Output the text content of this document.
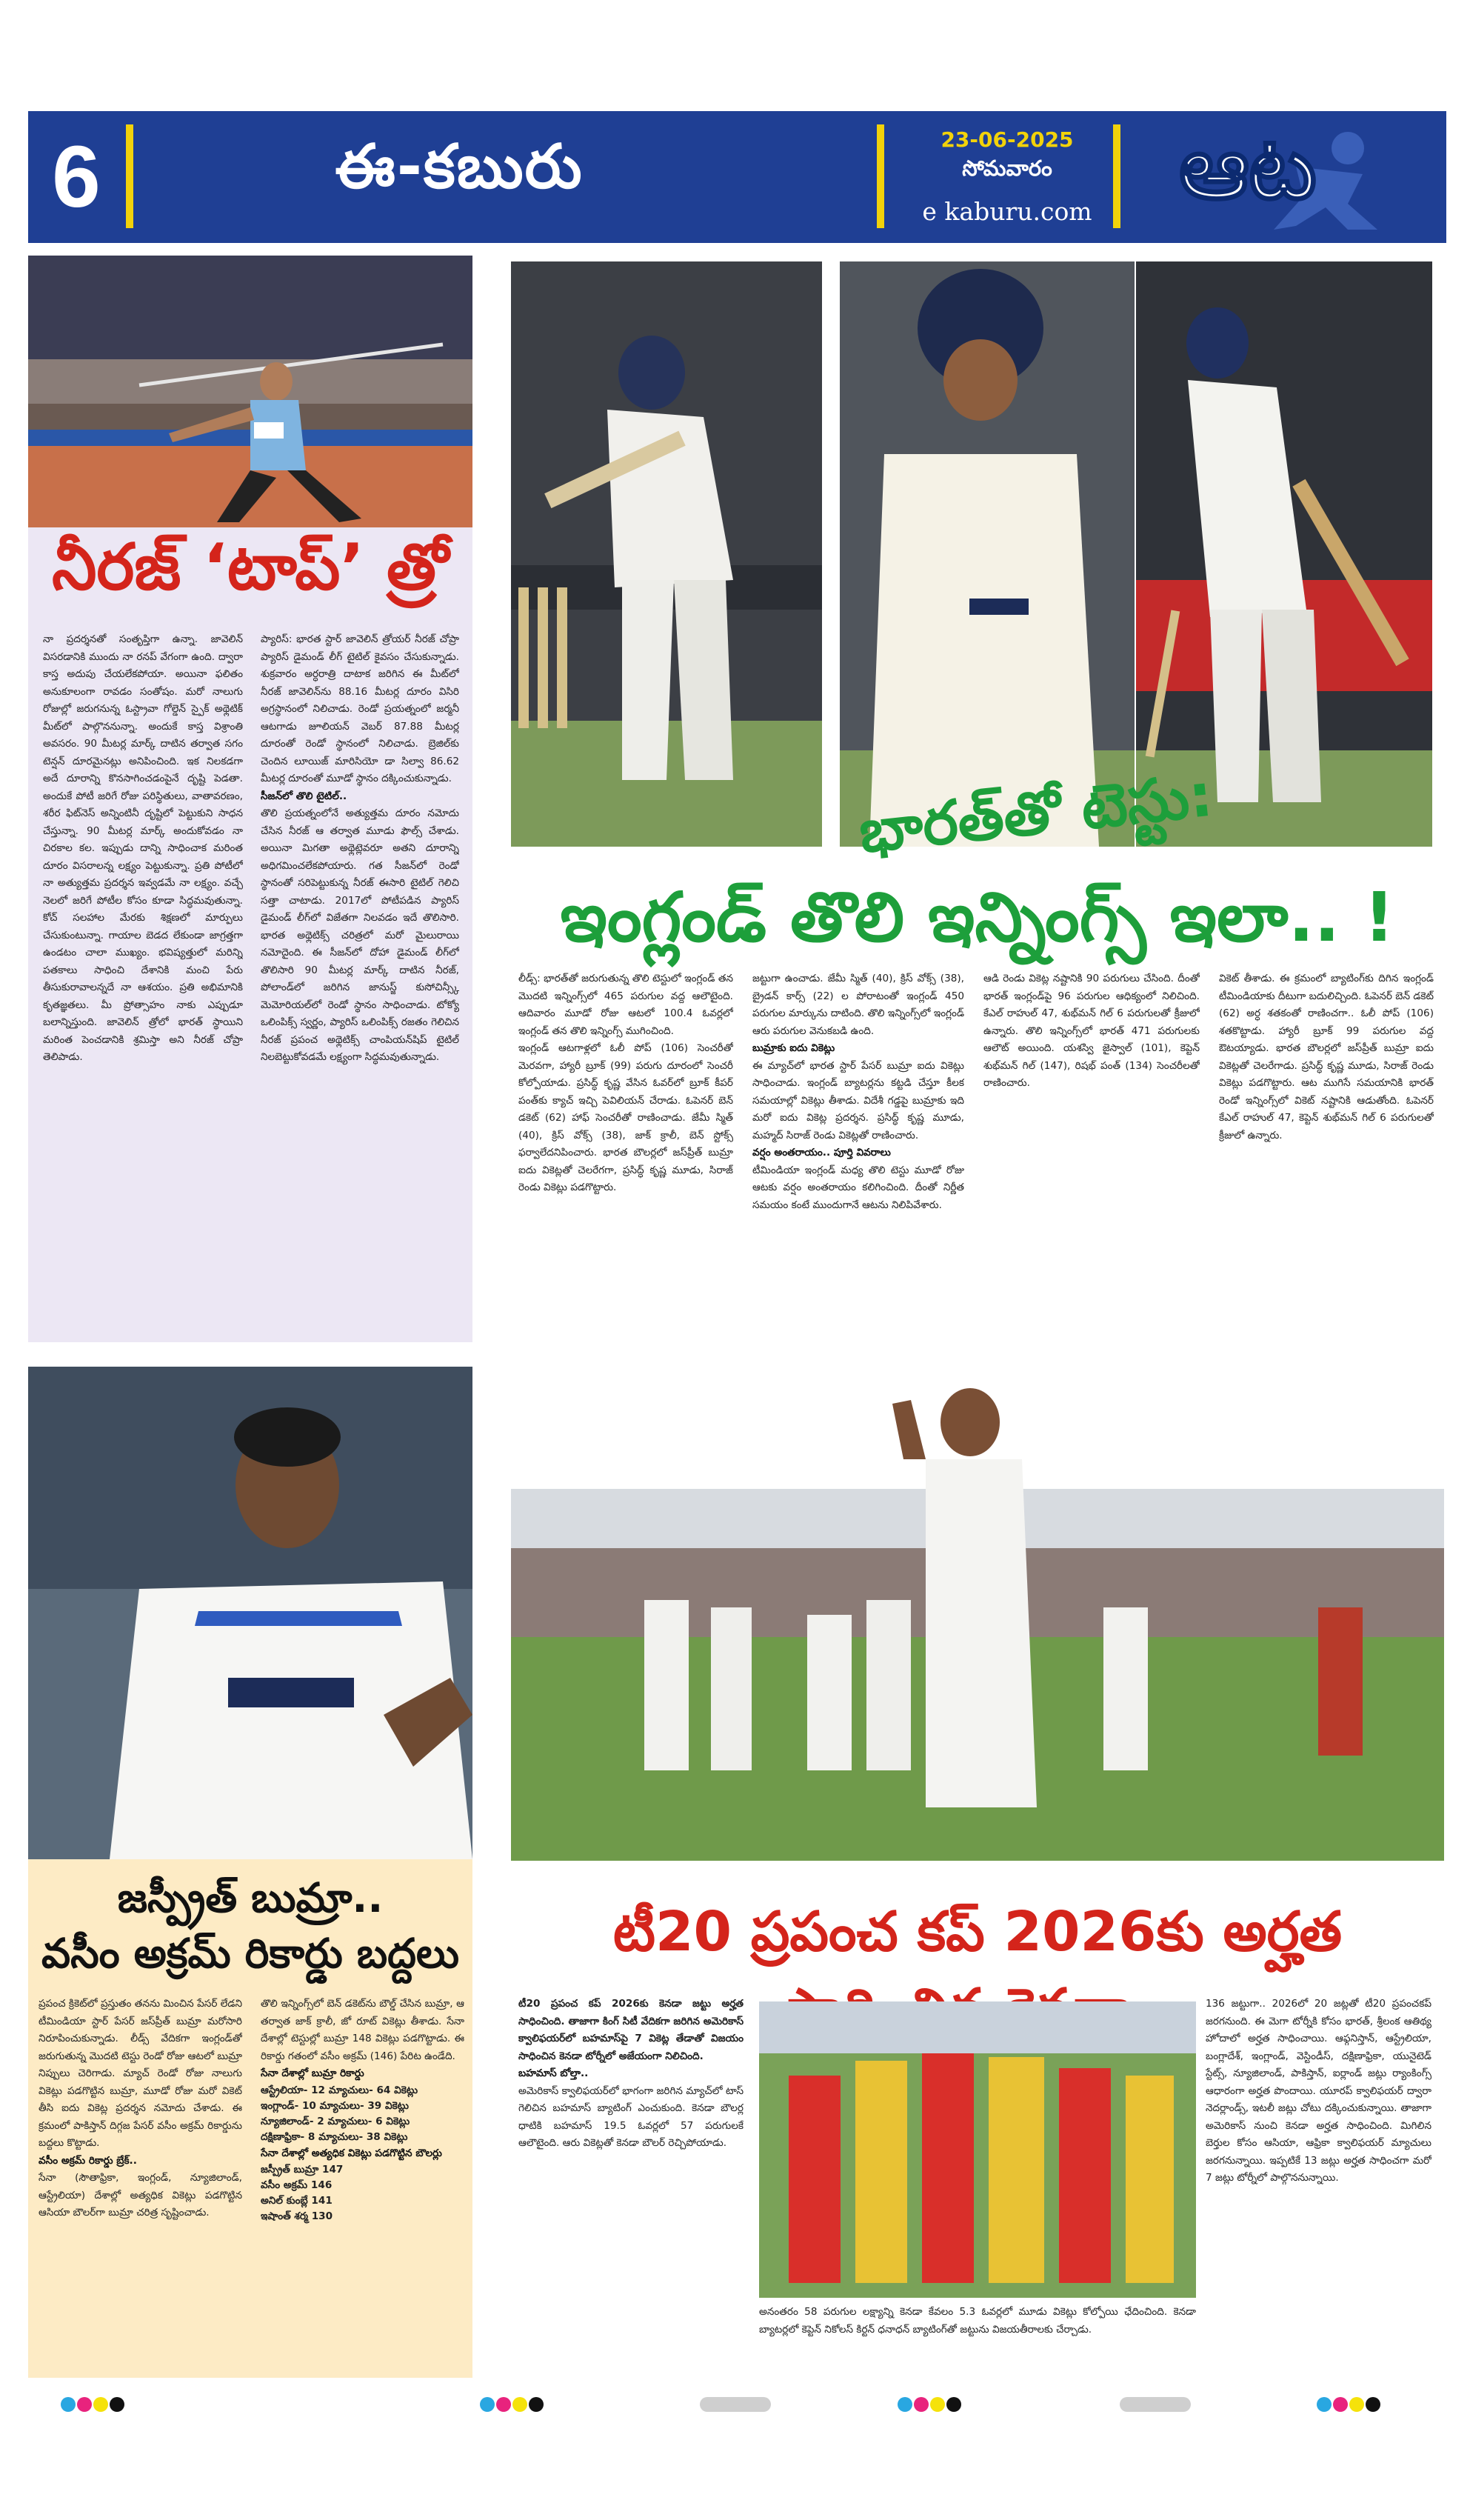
6	ఈ-కబురు	23-06-2025
సోమవారం
e kaburu.com ఆట
నీరజ్ ‘టాప్’ త్రో

నా ప్రదర్శనతో సంతృప్తిగా ఉన్నా. జావెలిన్ విసరడానికి ముందు నా రనప్ వేగంగా ఉంది. ద్వారా కాస్త అదుపు చేయలేకపోయా. అయినా ఫలితం అనుకూలంగా రావడం సంతోషం. మరో నాలుగు రోజుల్లో జరుగనున్న ఓస్ట్రావా గోల్డెన్ స్పైక్ అథ్లెటిక్ మీట్‌లో పాల్గొననున్నా. అందుకే కాస్త విశ్రాంతి అవసరం. 90 మీటర్ల మార్క్ దాటిన తర్వాత సగం టెన్షన్ దూరమైనట్లు అనిపించింది. ఇక నిలకడగా అదే దూరాన్ని కొనసాగించడంపైనే దృష్టి పెడతా. అందుకే పోటీ జరిగే రోజు పరిస్థితులు, వాతావరణం, శరీర ఫిట్‌నెస్ అన్నింటినీ దృష్టిలో పెట్టుకుని సాధన చేస్తున్నా. 90 మీటర్ల మార్క్ అందుకోవడం నా చిరకాల కల. ఇప్పుడు దాన్ని సాధించాక మరింత దూరం విసరాలన్న లక్ష్యం పెట్టుకున్నా. ప్రతి పోటీలో నా అత్యుత్తమ ప్రదర్శన ఇవ్వడమే నా లక్ష్యం. వచ్చే నెలలో జరిగే పోటీల కోసం కూడా సిద్ధమవుతున్నా. కోచ్ సలహాల మేరకు శిక్షణలో మార్పులు చేసుకుంటున్నా. గాయాల బెడద లేకుండా జాగ్రత్తగా ఉండటం చాలా ముఖ్యం. భవిష్యత్తులో మరిన్ని పతకాలు సాధించి దేశానికి మంచి పేరు తీసుకురావాలన్నదే నా ఆశయం. ప్రతి అభిమానికి కృతజ్ఞతలు. మీ ప్రోత్సాహం నాకు ఎప్పుడూ బలాన్నిస్తుంది. జావెలిన్ త్రోలో భారత్ స్థాయిని మరింత పెంచడానికి శ్రమిస్తా అని నీరజ్ చోప్రా తెలిపాడు.

ప్యారిస్: భారత స్టార్ జావెలిన్ త్రోయర్ నీరజ్ చోప్రా ప్యారిస్ డైమండ్ లీగ్ టైటిల్ కైవసం చేసుకున్నాడు. శుక్రవారం అర్ధరాత్రి దాటాక జరిగిన ఈ మీట్‌లో నీరజ్ జావెలిన్‌ను 88.16 మీటర్ల దూరం విసిరి అగ్రస్థానంలో నిలిచాడు. రెండో ప్రయత్నంలో జర్మనీ ఆటగాడు జూలియన్ వెబర్ 87.88 మీటర్ల దూరంతో రెండో స్థానంలో నిలిచాడు. బ్రెజిల్‌కు చెందిన లూయిజ్ మారిసియో డా సిల్వా 86.62 మీటర్ల దూరంతో మూడో స్థానం దక్కించుకున్నాడు.

సీజన్‌లో తొలి టైటిల్..

తొలి ప్రయత్నంలోనే అత్యుత్తమ దూరం నమోదు చేసిన నీరజ్ ఆ తర్వాత మూడు ఫౌల్స్ చేశాడు. అయినా మిగతా అథ్లెట్లెవరూ అతని దూరాన్ని అధిగమించలేకపోయారు. గత సీజన్‌లో రెండో స్థానంతో సరిపెట్టుకున్న నీరజ్ ఈసారి టైటిల్ గెలిచి సత్తా చాటాడు. 2017లో పోటీపడిన ప్యారిస్ డైమండ్ లీగ్‌లో విజేతగా నిలవడం ఇదే తొలిసారి. భారత అథ్లెటిక్స్ చరిత్రలో మరో మైలురాయి నమోదైంది. ఈ సీజన్‌లో దోహా డైమండ్ లీగ్‌లో తొలిసారి 90 మీటర్ల మార్క్ దాటిన నీరజ్, పోలాండ్‌లో జరిగిన జానుస్జ్ కుసోచిన్స్కీ మెమోరియల్‌లో రెండో స్థానం సాధించాడు. టోక్యో ఒలింపిక్స్ స్వర్ణం, ప్యారిస్ ఒలింపిక్స్ రజతం గెలిచిన నీరజ్ ప్రపంచ అథ్లెటిక్స్ చాంపియన్‌షిప్ టైటిల్ నిలబెట్టుకోవడమే లక్ష్యంగా సిద్ధమవుతున్నాడు.

భారత్‌తో టెస్టు:
ఇంగ్లండ్ తొలి ఇన్నింగ్స్ ఇలా.. !

లీడ్స్: భారత్‌తో జరుగుతున్న తొలి టెస్టులో ఇంగ్లండ్ తన మొదటి ఇన్నింగ్స్‌లో 465 పరుగుల వద్ద ఆలౌటైంది. ఆదివారం మూడో రోజు ఆటలో 100.4 ఓవర్లలో ఇంగ్లండ్ తన తొలి ఇన్నింగ్స్ ముగించింది.

ఇంగ్లండ్ ఆటగాళ్లలో ఓలీ పోప్ (106) సెంచరీతో మెరవగా, హ్యారీ బ్రూక్ (99) పరుగు దూరంలో సెంచరీ కోల్పోయాడు. ప్రసిద్ధ్ కృష్ణ వేసిన ఓవర్‌లో బ్రూక్ కీపర్ పంత్‌కు క్యాచ్ ఇచ్చి పెవిలియన్ చేరాడు. ఓపెనర్ బెన్ డకెట్ (62) హాఫ్ సెంచరీతో రాణించాడు. జేమీ స్మిత్ (40), క్రిస్ వోక్స్ (38), జాక్ క్రాలీ, బెన్ స్టోక్స్ ఫర్వాలేదనిపించారు. భారత బౌలర్లలో జస్‌ప్రీత్ బుమ్రా ఐదు వికెట్లతో చెలరేగగా, ప్రసిద్ధ్ కృష్ణ మూడు, సిరాజ్ రెండు వికెట్లు పడగొట్టారు.

జట్టుగా ఉంచాడు. జేమీ స్మిత్ (40), క్రిస్ వోక్స్ (38), బ్రైడన్ కార్స్ (22) ల పోరాటంతో ఇంగ్లండ్ 450 పరుగుల మార్కును దాటింది. తొలి ఇన్నింగ్స్‌లో ఇంగ్లండ్ ఆరు పరుగుల వెనుకబడి ఉంది.

బుమ్రాకు ఐదు వికెట్లు

ఈ మ్యాచ్‌లో భారత స్టార్ పేసర్ బుమ్రా ఐదు వికెట్లు సాధించాడు. ఇంగ్లండ్ బ్యాటర్లను కట్టడి చేస్తూ కీలక సమయాల్లో వికెట్లు తీశాడు. విదేశీ గడ్డపై బుమ్రాకు ఇది మరో ఐదు వికెట్ల ప్రదర్శన. ప్రసిద్ధ్ కృష్ణ మూడు, మహ్మద్ సిరాజ్ రెండు వికెట్లతో రాణించారు.

వర్షం అంతరాయం.. పూర్తి వివరాలు

టీమిండియా ఇంగ్లండ్ మధ్య తొలి టెస్టు మూడో రోజు ఆటకు వర్షం అంతరాయం కలిగించింది. దీంతో నిర్ణీత సమయం కంటే ముందుగానే ఆటను నిలిపివేశారు.

ఆడి రెండు వికెట్ల నష్టానికి 90 పరుగులు చేసింది. దీంతో భారత్ ఇంగ్లండ్‌పై 96 పరుగుల ఆధిక్యంలో నిలిచింది. కేఎల్ రాహుల్ 47, శుభ్‌మన్ గిల్ 6 పరుగులతో క్రీజులో ఉన్నారు. తొలి ఇన్నింగ్స్‌లో భారత్ 471 పరుగులకు ఆలౌట్ అయింది. యశస్వి జైస్వాల్ (101), కెప్టెన్ శుభ్‌మన్ గిల్ (147), రిషభ్ పంత్ (134) సెంచరీలతో రాణించారు.

వికెట్ తీశాడు. ఈ క్రమంలో బ్యాటింగ్‌కు దిగిన ఇంగ్లండ్ టీమిండియాకు దీటుగా బదులిచ్చింది. ఓపెనర్ బెన్ డకెట్ (62) అర్ధ శతకంతో రాణించగా.. ఓలీ పోప్ (106) శతకొట్టాడు. హ్యారీ బ్రూక్ 99 పరుగుల వద్ద ఔటయ్యాడు. భారత బౌలర్లలో జస్‌ప్రీత్ బుమ్రా ఐదు వికెట్లతో చెలరేగాడు. ప్రసిద్ధ్ కృష్ణ మూడు, సిరాజ్ రెండు వికెట్లు పడగొట్టారు. ఆట ముగిసే సమయానికి భారత్ రెండో ఇన్నింగ్స్‌లో వికెట్ నష్టానికి ఆడుతోంది. ఓపెనర్ కేఎల్ రాహుల్ 47, కెప్టెన్ శుభ్‌మన్ గిల్ 6 పరుగులతో క్రీజులో ఉన్నారు.

జస్ప్రీత్ బుమ్రా..
వసీం అక్రమ్ రికార్డు బద్దలు

ప్రపంచ క్రికెట్‌లో ప్రస్తుతం తనను మించిన పేసర్ లేడని టీమిండియా స్టార్ పేసర్ జస్‌ప్రీత్ బుమ్రా మరోసారి నిరూపించుకున్నాడు. లీడ్స్ వేదికగా ఇంగ్లండ్‌తో జరుగుతున్న మొదటి టెస్టు రెండో రోజు ఆటలో బుమ్రా నిప్పులు చెరిగాడు. మ్యాచ్ రెండో రోజు నాలుగు వికెట్లు పడగొట్టిన బుమ్రా, మూడో రోజు మరో వికెట్ తీసి ఐదు వికెట్ల ప్రదర్శన నమోదు చేశాడు. ఈ క్రమంలో పాకిస్తాన్ దిగ్గజ పేసర్ వసీం అక్రమ్ రికార్డును బద్దలు కొట్టాడు.

వసీం అక్రమ్ రికార్డు బ్రేక్..

సేనా (సౌతాఫ్రికా, ఇంగ్లండ్, న్యూజిలాండ్, ఆస్ట్రేలియా) దేశాల్లో అత్యధిక వికెట్లు పడగొట్టిన ఆసియా బౌలర్‌గా బుమ్రా చరిత్ర సృష్టించాడు.

తొలి ఇన్నింగ్స్‌లో బెన్ డకెట్‌ను బౌల్డ్ చేసిన బుమ్రా, ఆ తర్వాత జాక్ క్రాలీ, జో రూట్ వికెట్లు తీశాడు. సేనా దేశాల్లో టెస్టుల్లో బుమ్రా 148 వికెట్లు పడగొట్టాడు. ఈ రికార్డు గతంలో వసీం అక్రమ్ (146) పేరిట ఉండేది.

సేనా దేశాల్లో బుమ్రా రికార్డు

ఆస్ట్రేలియా- 12 మ్యాచులు- 64 వికెట్లు

ఇంగ్లాండ్- 10 మ్యాచులు- 39 వికెట్లు

న్యూజిలాండ్- 2 మ్యాచులు- 6 వికెట్లు

దక్షిణాఫ్రికా- 8 మ్యాచులు- 38 వికెట్లు

సేనా దేశాల్లో అత్యధిక వికెట్లు పడగొట్టిన బౌలర్లు

జస్ప్రీత్ బుమ్రా 147

వసీం అక్రమ్ 146

అనిల్ కుంబ్లే 141

ఇషాంత్ శర్మ 130

టీ20 ప్రపంచ కప్ 2026కు అర్హత

టీ20 ప్రపంచ కప్ 2026కు కెనడా జట్టు అర్హత సాధించింది. తాజాగా కింగ్ సిటీ వేదికగా జరిగిన అమెరికాస్ క్వాలిఫయర్‌లో బహమాస్‌పై 7 వికెట్ల తేడాతో విజయం సాధించిన కెనడా టోర్నీలో అజేయంగా నిలిచింది.

బహమాస్ బోల్తా..

అమెరికాస్ క్వాలిఫయర్‌లో భాగంగా జరిగిన మ్యాచ్‌లో టాస్ గెలిచిన బహమాస్ బ్యాటింగ్ ఎంచుకుంది. కెనడా బౌలర్ల ధాటికి బహమాస్ 19.5 ఓవర్లలో 57 పరుగులకే ఆలౌటైంది. ఆరు వికెట్లతో కెనడా బౌలర్ రెచ్చిపోయాడు.

అనంతరం 58 పరుగుల లక్ష్యాన్ని కెనడా కేవలం 5.3 ఓవర్లలో మూడు వికెట్లు కోల్పోయి ఛేదించింది. కెనడా బ్యాటర్లలో కెప్టెన్ నికోలస్ కిర్టన్ ధనాధన్ బ్యాటింగ్‌తో జట్టును విజయతీరాలకు చేర్చాడు.

136 జట్టుగా.. 2026లో 20 జట్లతో టీ20 ప్రపంచకప్ జరగనుంది. ఈ మెగా టోర్నీకి కోసం భారత్, శ్రీలంక ఆతిథ్య హోదాలో అర్హత సాధించాయి. ఆఫ్గనిస్తాన్, ఆస్ట్రేలియా, బంగ్లాదేశ్, ఇంగ్లాండ్, వెస్టిండీస్, దక్షిణాఫ్రికా, యునైటెడ్ స్టేట్స్, న్యూజిలాండ్, పాకిస్తాన్, ఐర్లాండ్ జట్లు ర్యాంకింగ్స్ ఆధారంగా అర్హత పొందాయి. యూరప్ క్వాలిఫయర్ ద్వారా నెదర్లాండ్స్, ఇటలీ జట్లు చోటు దక్కించుకున్నాయి. తాజాగా అమెరికాస్ నుంచి కెనడా అర్హత సాధించింది. మిగిలిన బెర్తుల కోసం ఆసియా, ఆఫ్రికా క్వాలిఫయర్ మ్యాచులు జరగనున్నాయి. ఇప్పటికే 13 జట్లు అర్హత సాధించగా మరో 7 జట్లు టోర్నీలో పాల్గొననున్నాయి.
